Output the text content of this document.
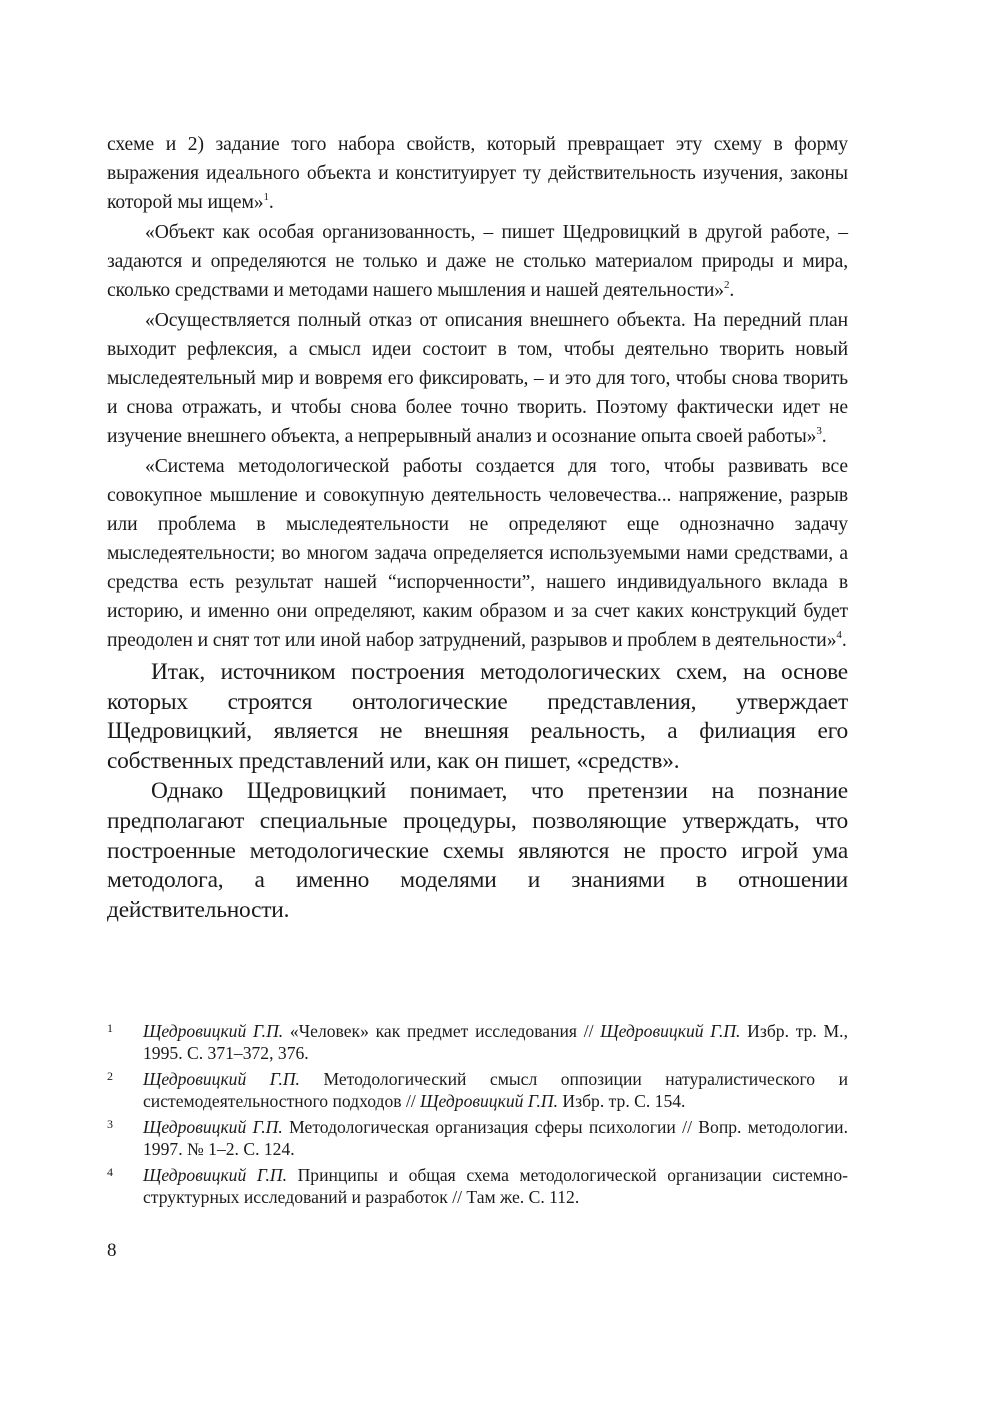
схеме и 2) задание того набора свойств, который превращает эту схему в форму выражения идеального объекта и конституирует ту действительность изучения, законы которой мы ищем»$^1$.

«Объект как особая организованность, – пишет Щедровицкий в другой работе, – задаются и определяются не только и даже не столько материалом природы и мира, сколько средствами и методами нашего мышления и нашей деятельности»$^2$.

«Осуществляется полный отказ от описания внешнего объекта. На передний план выходит рефлексия, а смысл идеи состоит в том, чтобы деятельно творить новый мыследеятельный мир и вовремя его фиксировать, – и это для того, чтобы снова творить и снова отражать, и чтобы снова более точно творить. Поэтому фактически идет не изучение внешнего объекта, а непрерывный анализ и осознание опыта своей работы»$^3$.

«Система методологической работы создается для того, чтобы развивать все совокупное мышление и совокупную деятельность человечества... напряжение, разрыв или проблема в мыследеятельности не определяют еще однозначно задачу мыследеятельности; во многом задача определяется используемыми нами средствами, а средства есть результат нашей “испорченности”, нашего индивидуального вклада в историю, и именно они определяют, каким образом и за счет каких конструкций будет преодолен и снят тот или иной набор затруднений, разрывов и проблем в деятельности»$^4$.

Итак, источником построения методологических схем, на основе которых строятся онтологические представления, утверждает Щедровицкий, является не внешняя реальность, а филиация его собственных представлений или, как он пишет, «средств».

Однако Щедровицкий понимает, что претензии на познание предполагают специальные процедуры, позволяющие утверждать, что построенные методологические схемы являются не просто игрой ума методолога, а именно моделями и знаниями в отношении действительности.

1	Щедровицкий Г.П. «Человек» как предмет исследования // Щедровицкий Г.П. Избр. тр. М., 1995. С. 371–372, 376.
2	Щедровицкий Г.П. Методологический смысл оппозиции натуралистического и системодеятельностного подходов // Щедровицкий Г.П. Избр. тр. С. 154.
3	Щедровицкий Г.П. Методологическая организация сферы психологии // Вопр. методологии. 1997. № 1–2. С. 124.
4	Щедровицкий Г.П. Принципы и общая схема методологической организации системно-структурных исследований и разработок // Там же. С. 112.
8
